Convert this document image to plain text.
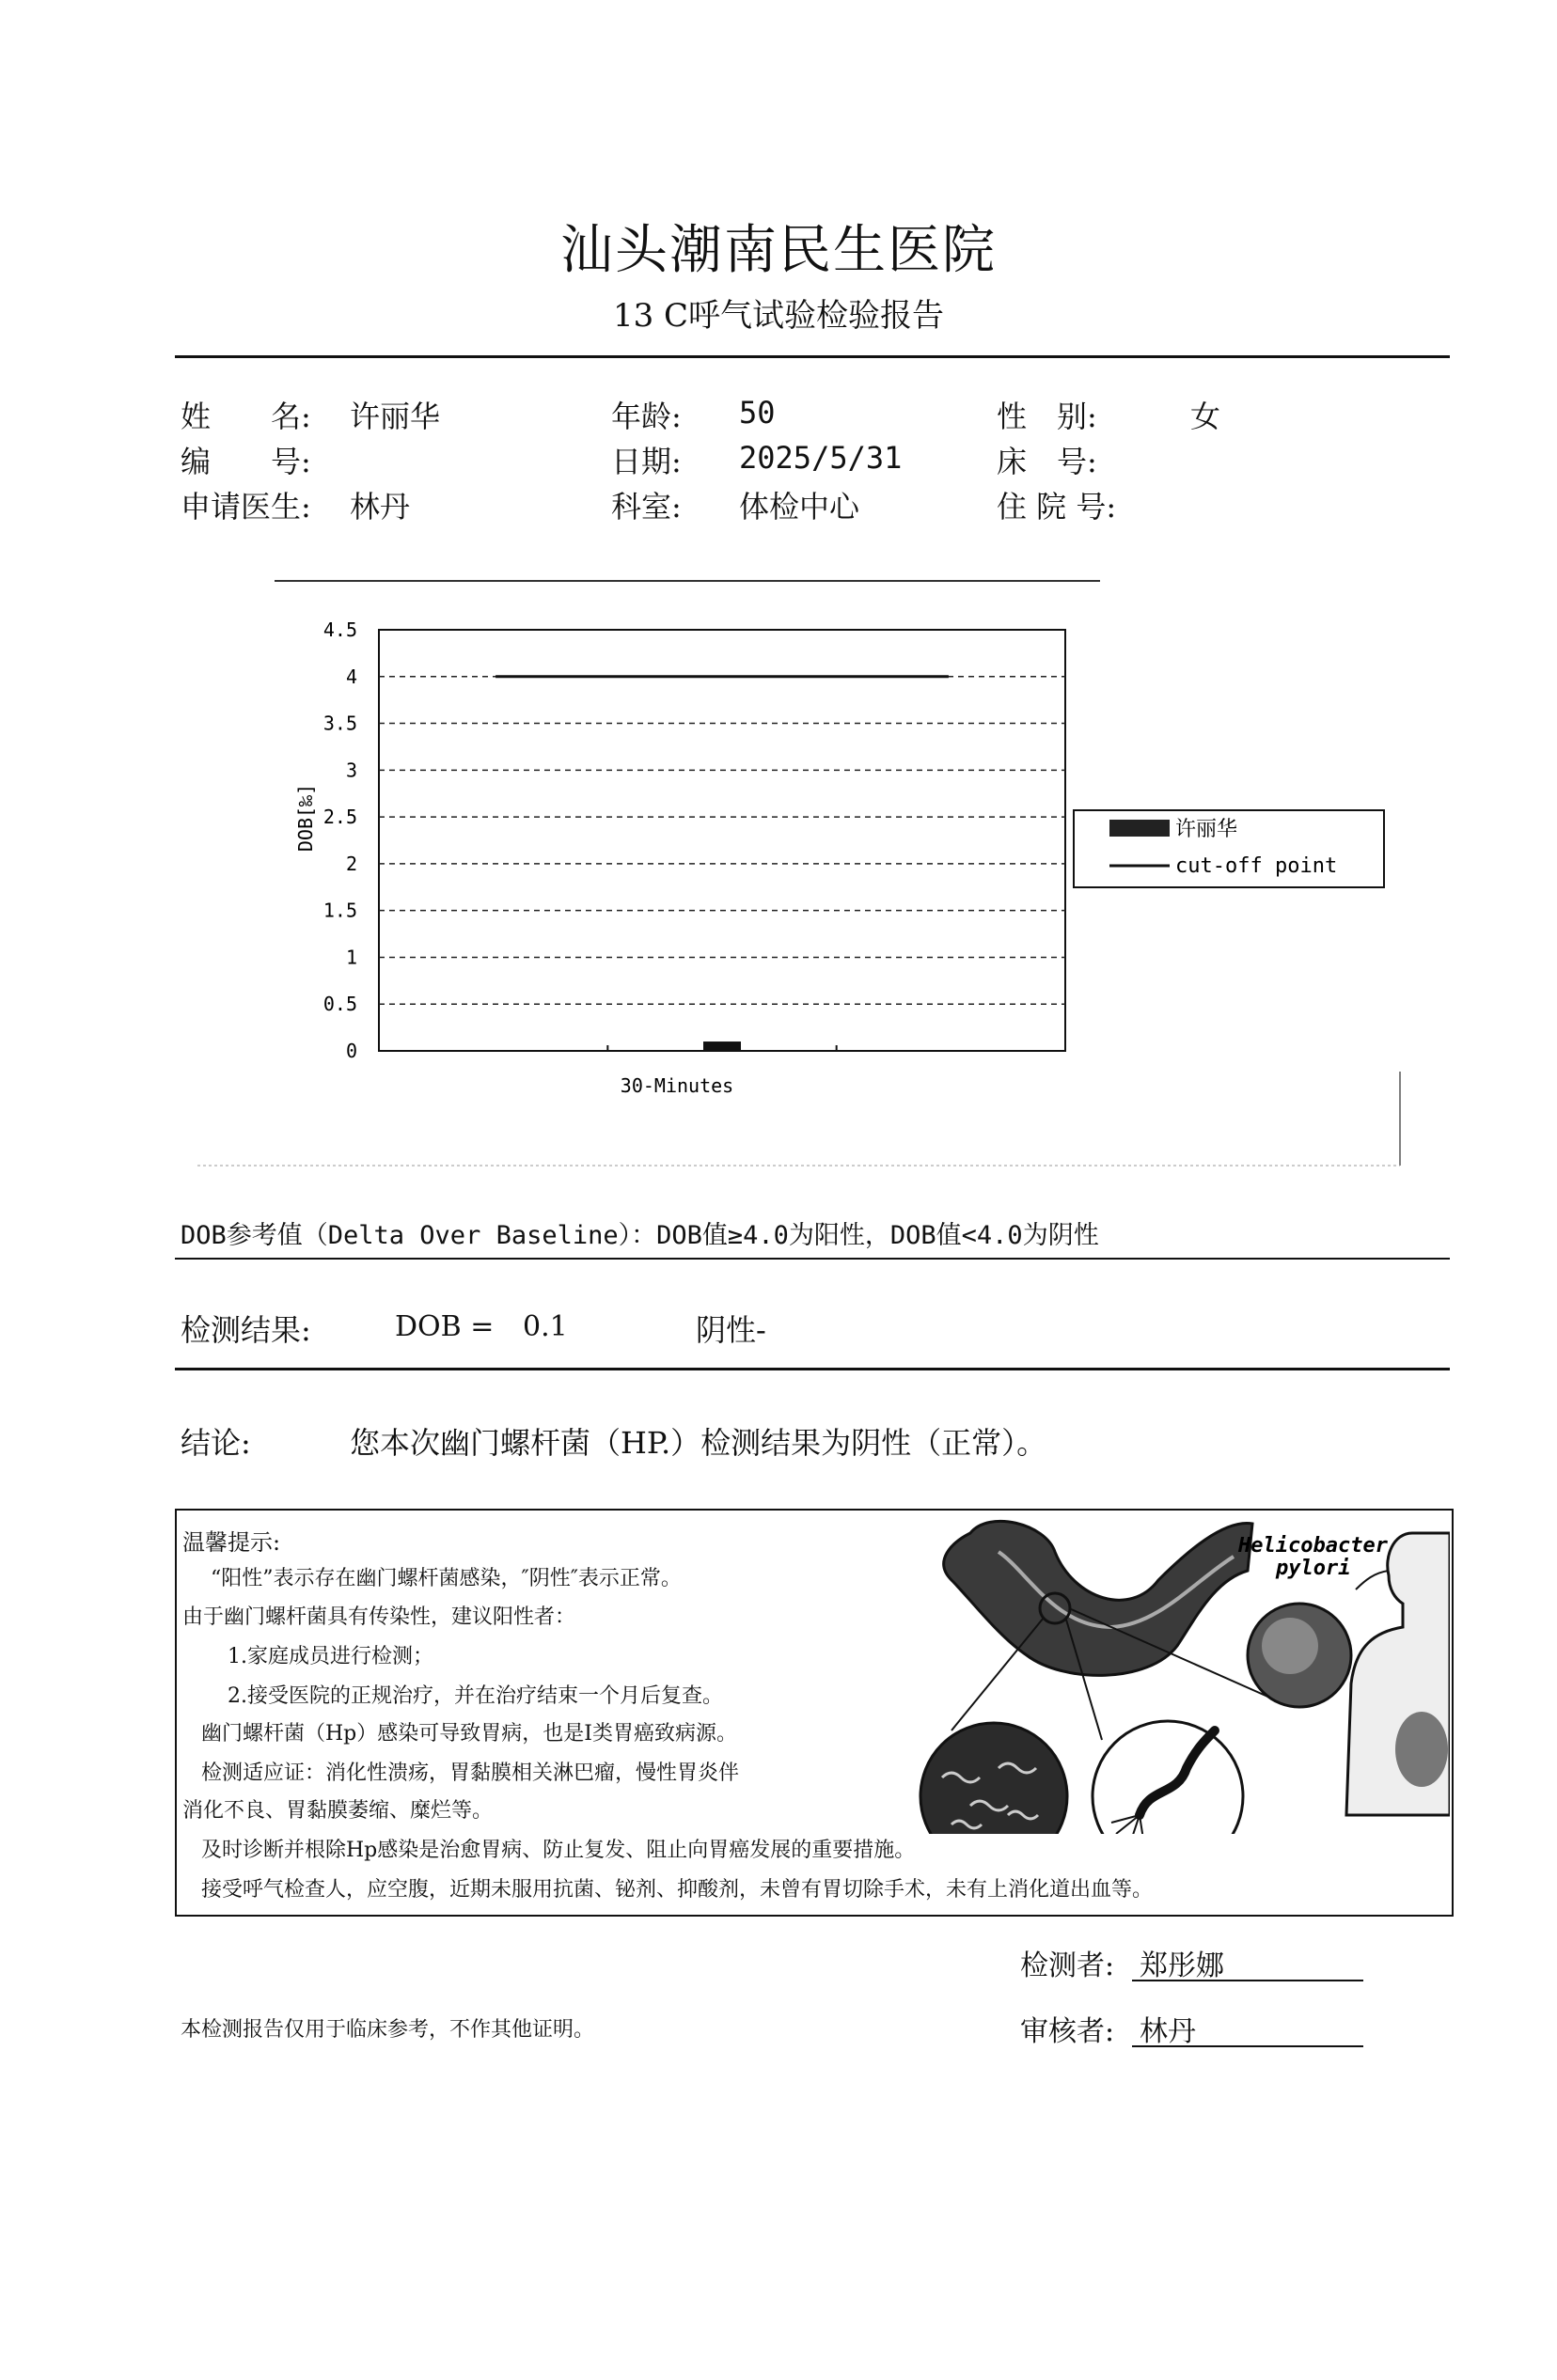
汕头潮南民生医院
13 C呼气试验检验报告
姓　　名: 许丽华	年龄: 50	性　别:	女
编　　号:	日期: 2025/5/31	床　号:
申请医生: 林丹	科室: 体检中心	住 院 号:
0
0.5
1
1.5
2
2.5
3
3.5
4
4.5
DOB[‰]
30-Minutes
许丽华
cut-off point
DOB参考值（Delta Over Baseline）：DOB值≥4.0为阳性，DOB值<4.0为阴性
检测结果:	DOB = 0.1	阴性-
结论:	您本次幽门螺杆菌（HP.）检测结果为阴性（正常）。
温馨提示:
“阳性”表示存在幽门螺杆菌感染，″阴性″表示正常。
由于幽门螺杆菌具有传染性，建议阳性者：
1.家庭成员进行检测；
2.接受医院的正规治疗，并在治疗结束一个月后复查。
幽门螺杆菌（Hp）感染可导致胃病，也是Ⅰ类胃癌致病源。
检测适应证：消化性溃疡，胃黏膜相关淋巴瘤，慢性胃炎伴
消化不良、胃黏膜萎缩、糜烂等。
及时诊断并根除Hp感染是治愈胃病、防止复发、阻止向胃癌发展的重要措施。
接受呼气检查人，应空腹，近期未服用抗菌、铋剂、抑酸剂，未曾有胃切除手术，未有上消化道出血等。
Helicobacter
pylori
检测者: 郑彤娜
本检测报告仅用于临床参考，不作其他证明。	审核者: 林丹
